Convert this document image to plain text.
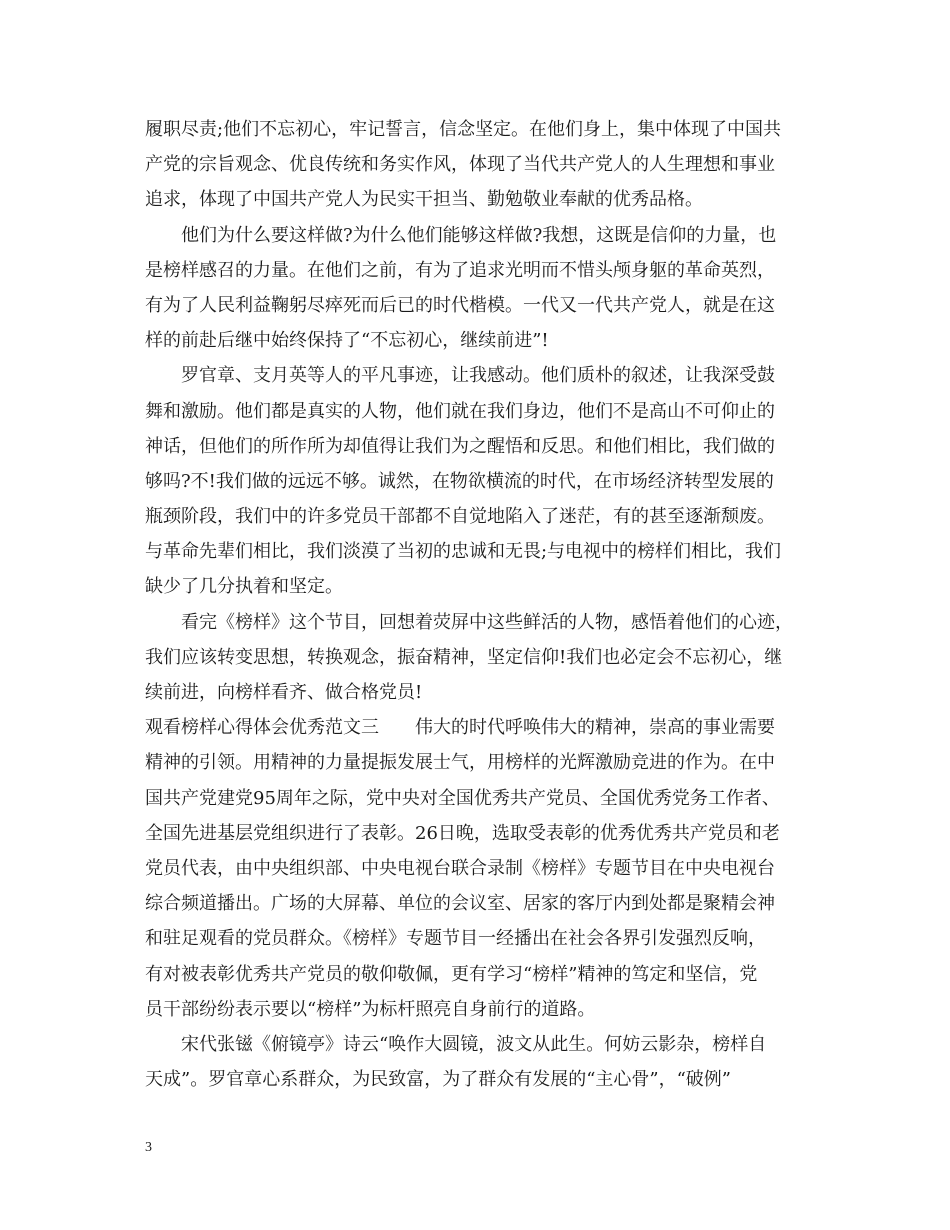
履职尽责;他们不忘初心，牢记誓言，信念坚定。在他们身上，集中体现了中国共
产党的宗旨观念、优良传统和务实作风，体现了当代共产党人的人生理想和事业
追求，体现了中国共产党人为民实干担当、勤勉敬业奉献的优秀品格。
　　他们为什么要这样做?为什么他们能够这样做?我想，这既是信仰的力量，也
是榜样感召的力量。在他们之前，有为了追求光明而不惜头颅身躯的革命英烈，
有为了人民利益鞠躬尽瘁死而后已的时代楷模。一代又一代共产党人，就是在这
样的前赴后继中始终保持了“不忘初心，继续前进”!
　　罗官章、支月英等人的平凡事迹，让我感动。他们质朴的叙述，让我深受鼓
舞和激励。他们都是真实的人物，他们就在我们身边，他们不是高山不可仰止的
神话，但他们的所作所为却值得让我们为之醒悟和反思。和他们相比，我们做的
够吗?不!我们做的远远不够。诚然，在物欲横流的时代，在市场经济转型发展的
瓶颈阶段，我们中的许多党员干部都不自觉地陷入了迷茫，有的甚至逐渐颓废。
与革命先辈们相比，我们淡漠了当初的忠诚和无畏;与电视中的榜样们相比，我们
缺少了几分执着和坚定。
　　看完《榜样》这个节目，回想着荧屏中这些鲜活的人物，感悟着他们的心迹，
我们应该转变思想，转换观念，振奋精神，坚定信仰!我们也必定会不忘初心，继
续前进，向榜样看齐、做合格党员!
观看榜样心得体会优秀范文三　　伟大的时代呼唤伟大的精神，崇高的事业需要
精神的引领。用精神的力量提振发展士气，用榜样的光辉激励竞进的作为。在中
国共产党建党95周年之际，党中央对全国优秀共产党员、全国优秀党务工作者、
全国先进基层党组织进行了表彰。26日晚，选取受表彰的优秀优秀共产党员和老
党员代表，由中央组织部、中央电视台联合录制《榜样》专题节目在中央电视台
综合频道播出。广场的大屏幕、单位的会议室、居家的客厅内到处都是聚精会神
和驻足观看的党员群众。《榜样》专题节目一经播出在社会各界引发强烈反响，
有对被表彰优秀共产党员的敬仰敬佩，更有学习“榜样”精神的笃定和坚信，党
员干部纷纷表示要以“榜样”为标杆照亮自身前行的道路。
　　宋代张镃《俯镜亭》诗云“唤作大圆镜，波文从此生。何妨云影杂，榜样自
天成”。罗官章心系群众，为民致富，为了群众有发展的“主心骨”，“破例”
3
